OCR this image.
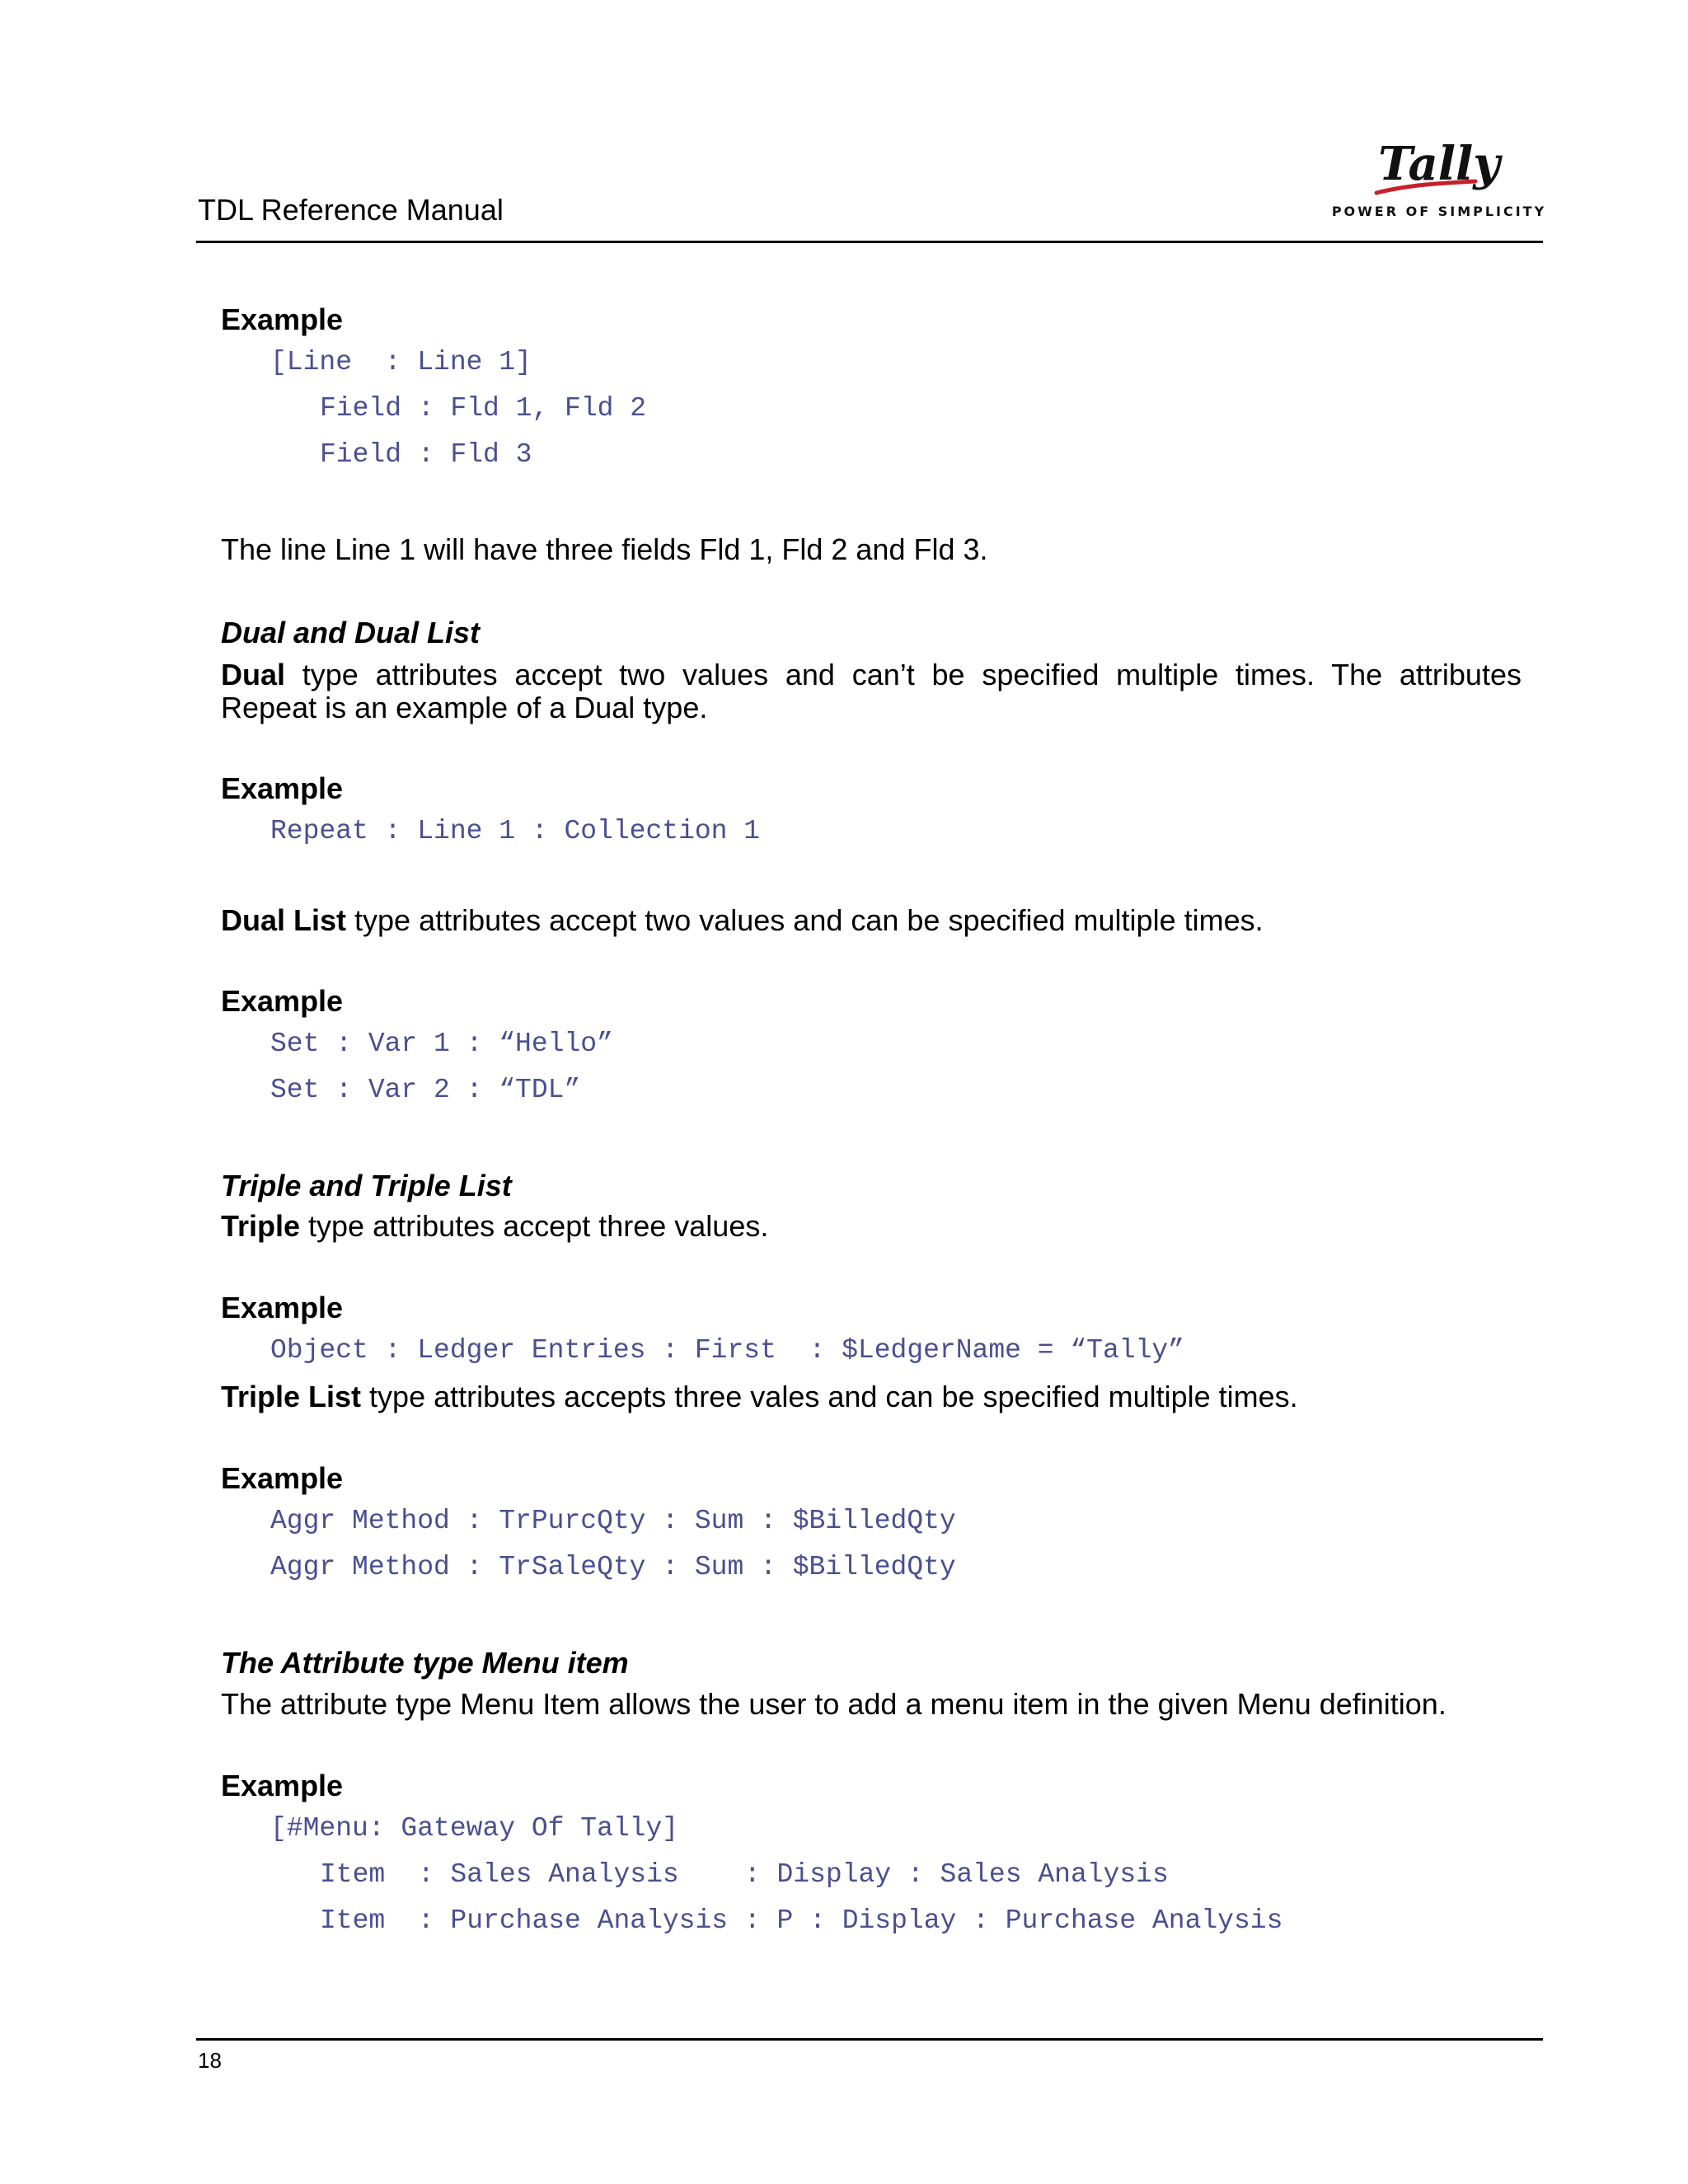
TDL Reference Manual
Tally
POWER OF SIMPLICITY
Example
[Line  : Line 1]
Field : Fld 1, Fld 2
Field : Fld 3
The line Line 1 will have three fields Fld 1, Fld 2 and Fld 3.
Dual and Dual List
Dual type attributes accept two values and can’t be specified multiple times. The attributes
Repeat is an example of a Dual type.
Example
Repeat : Line 1 : Collection 1
Dual List type attributes accept two values and can be specified multiple times.
Example
Set : Var 1 : “Hello”
Set : Var 2 : “TDL”
Triple and Triple List
Triple type attributes accept three values.
Example
Object : Ledger Entries : First  : $LedgerName = “Tally”
Triple List type attributes accepts three vales and can be specified multiple times.
Example
Aggr Method : TrPurcQty : Sum : $BilledQty
Aggr Method : TrSaleQty : Sum : $BilledQty
The Attribute type Menu item
The attribute type Menu Item allows the user to add a menu item in the given Menu definition.
Example
[#Menu: Gateway Of Tally]
Item  : Sales Analysis    : Display : Sales Analysis
Item  : Purchase Analysis : P : Display : Purchase Analysis
18
